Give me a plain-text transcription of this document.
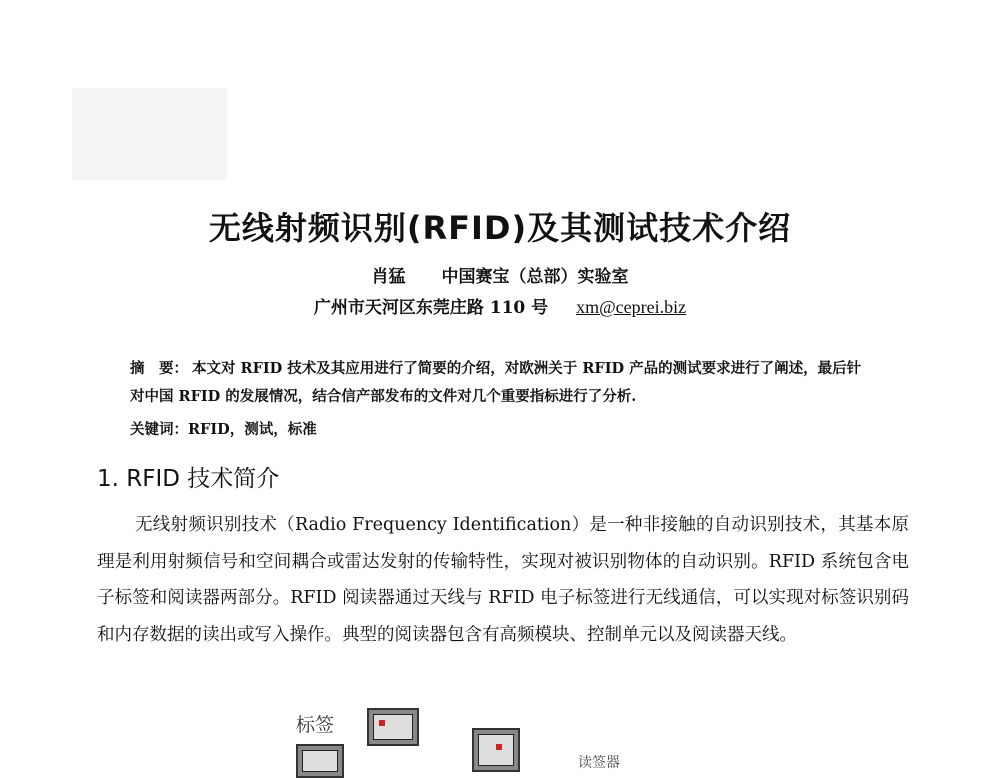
无线射频识别(RFID)及其测试技术介绍
肖猛 中国赛宝（总部）实验室
广州市天河区东莞庄路 110 号 xm@ceprei.biz
摘　要： 本文对 RFID 技术及其应用进行了简要的介绍，对欧洲关于 RFID 产品的测试要求进行了阐述，最后针对中国 RFID 的发展情况，结合信产部发布的文件对几个重要指标进行了分析.
关键词：RFID，测试，标准
1. RFID 技术简介
无线射频识别技术（Radio Frequency Identification）是一种非接触的自动识别技术，其基本原理是利用射频信号和空间耦合或雷达发射的传输特性，实现对被识别物体的自动识别。RFID 系统包含电子标签和阅读器两部分。RFID 阅读器通过天线与 RFID 电子标签进行无线通信，可以实现对标签识别码和内存数据的读出或写入操作。典型的阅读器包含有高频模块、控制单元以及阅读器天线。
标签
读签器
